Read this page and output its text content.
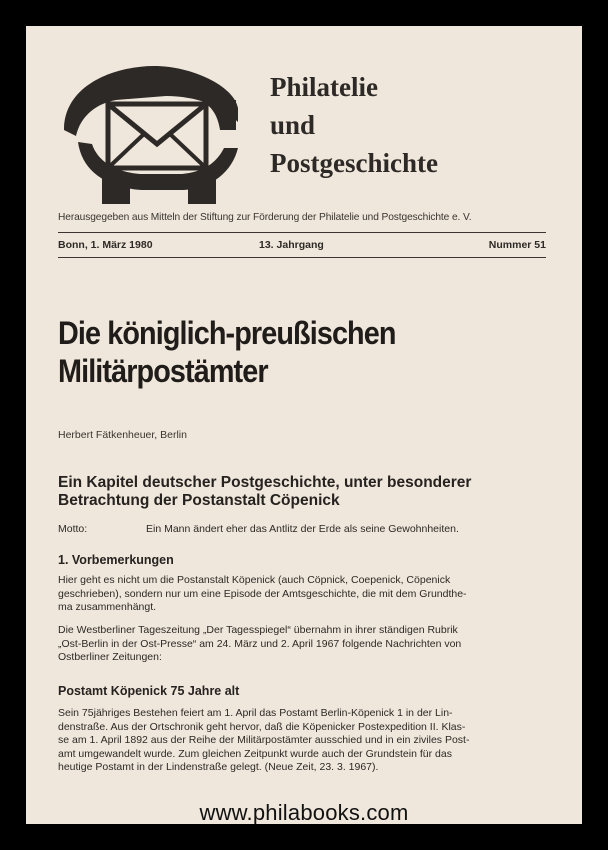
Philatelie
und
Postgeschichte
Herausgegeben aus Mitteln der Stiftung zur Förderung der Philatelie und Postgeschichte e. V.
Bonn, 1. März 1980	13. Jahrgang	Nummer 51
Die königlich-preußischen
Militärpostämter
Herbert Fätkenheuer, Berlin
Ein Kapitel deutscher Postgeschichte, unter besonderer
Betrachtung der Postanstalt Cöpenick
Motto:	Ein Mann ändert eher das Antlitz der Erde als seine Gewohnheiten.
1. Vorbemerkungen
Hier geht es nicht um die Postanstalt Köpenick (auch Cöpnick, Coepenick, Cöpenick
geschrieben), sondern nur um eine Episode der Amtsgeschichte, die mit dem Grundthe-
ma zusammenhängt.
Die Westberliner Tageszeitung „Der Tagesspiegel“ übernahm in ihrer ständigen Rubrik
„Ost-Berlin in der Ost-Presse“ am 24. März und 2. April 1967 folgende Nachrichten von
Ostberliner Zeitungen:
Postamt Köpenick 75 Jahre alt
Sein 75jähriges Bestehen feiert am 1. April das Postamt Berlin-Köpenick 1 in der Lin-
denstraße. Aus der Ortschronik geht hervor, daß die Köpenicker Postexpedition II. Klas-
se am 1. April 1892 aus der Reihe der Militärpostämter ausschied und in ein ziviles Post-
amt umgewandelt wurde. Zum gleichen Zeitpunkt wurde auch der Grundstein für das
heutige Postamt in der Lindenstraße gelegt. (Neue Zeit, 23. 3. 1967).
www.philabooks.com
